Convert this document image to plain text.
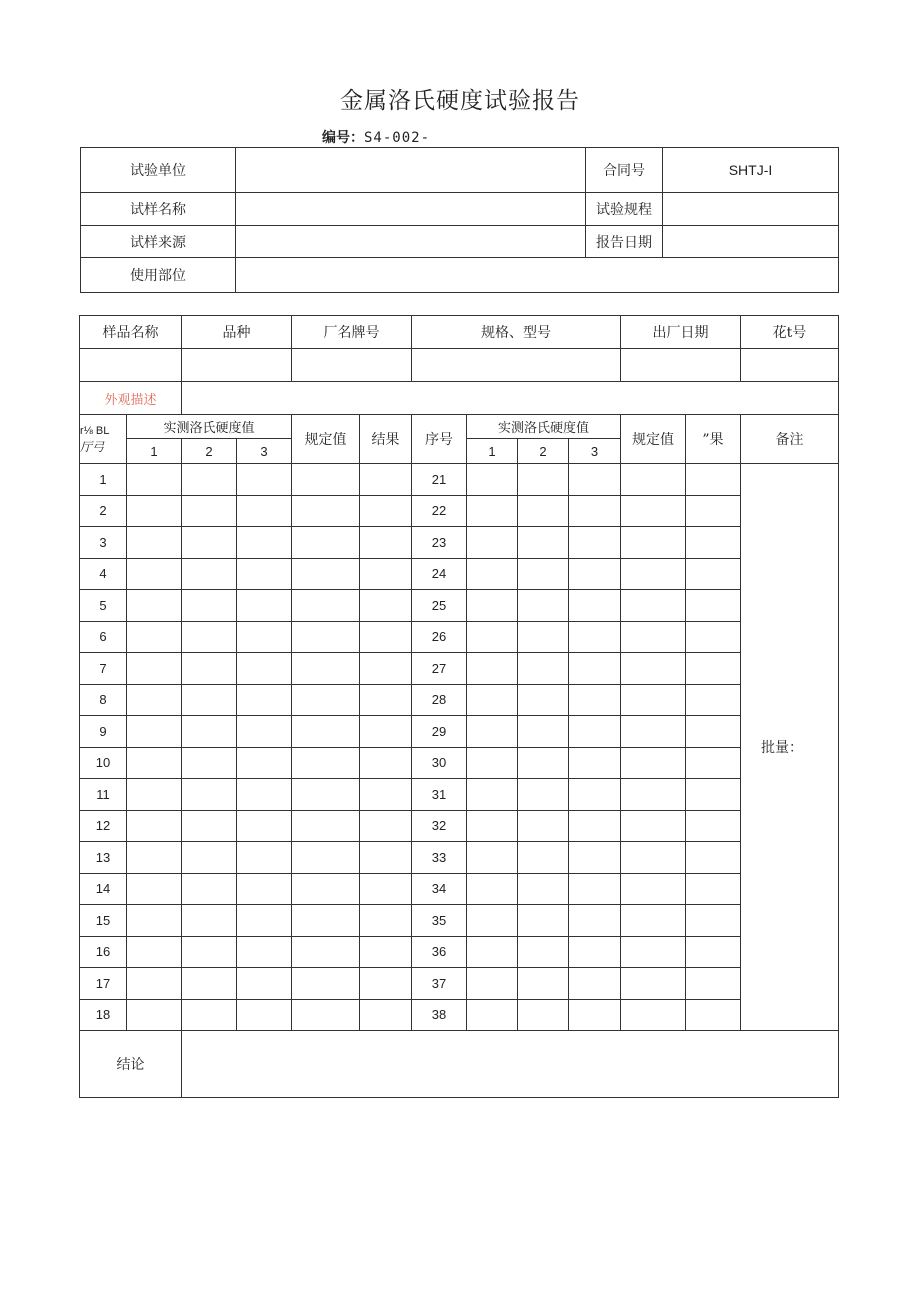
金属洛氏硬度试验报告
编号：S4-002-
试验单位		合同号	SHTJ-I
试样名称		试验规程	
试样来源		报告日期	
使用部位			
样品名称		品种		厂名牌号		规格、型号				出厂日期		花t号

外观描述												

r⅛ BL
厅弓	实测洛氏硬度值			规定值	结果	序号	实测洛氏硬度值			规定值	”果	备注
	1	2	3				1	2	3			
1						21						批量：
2						22						
3						23						
4						24						
5						25						
6						26						
7						27						
8						28						
9						29						
10						30						
11						31						
12						32						
13						33						
14						34						
15						35						
16						36						
17						37						
18						38						
结论												
